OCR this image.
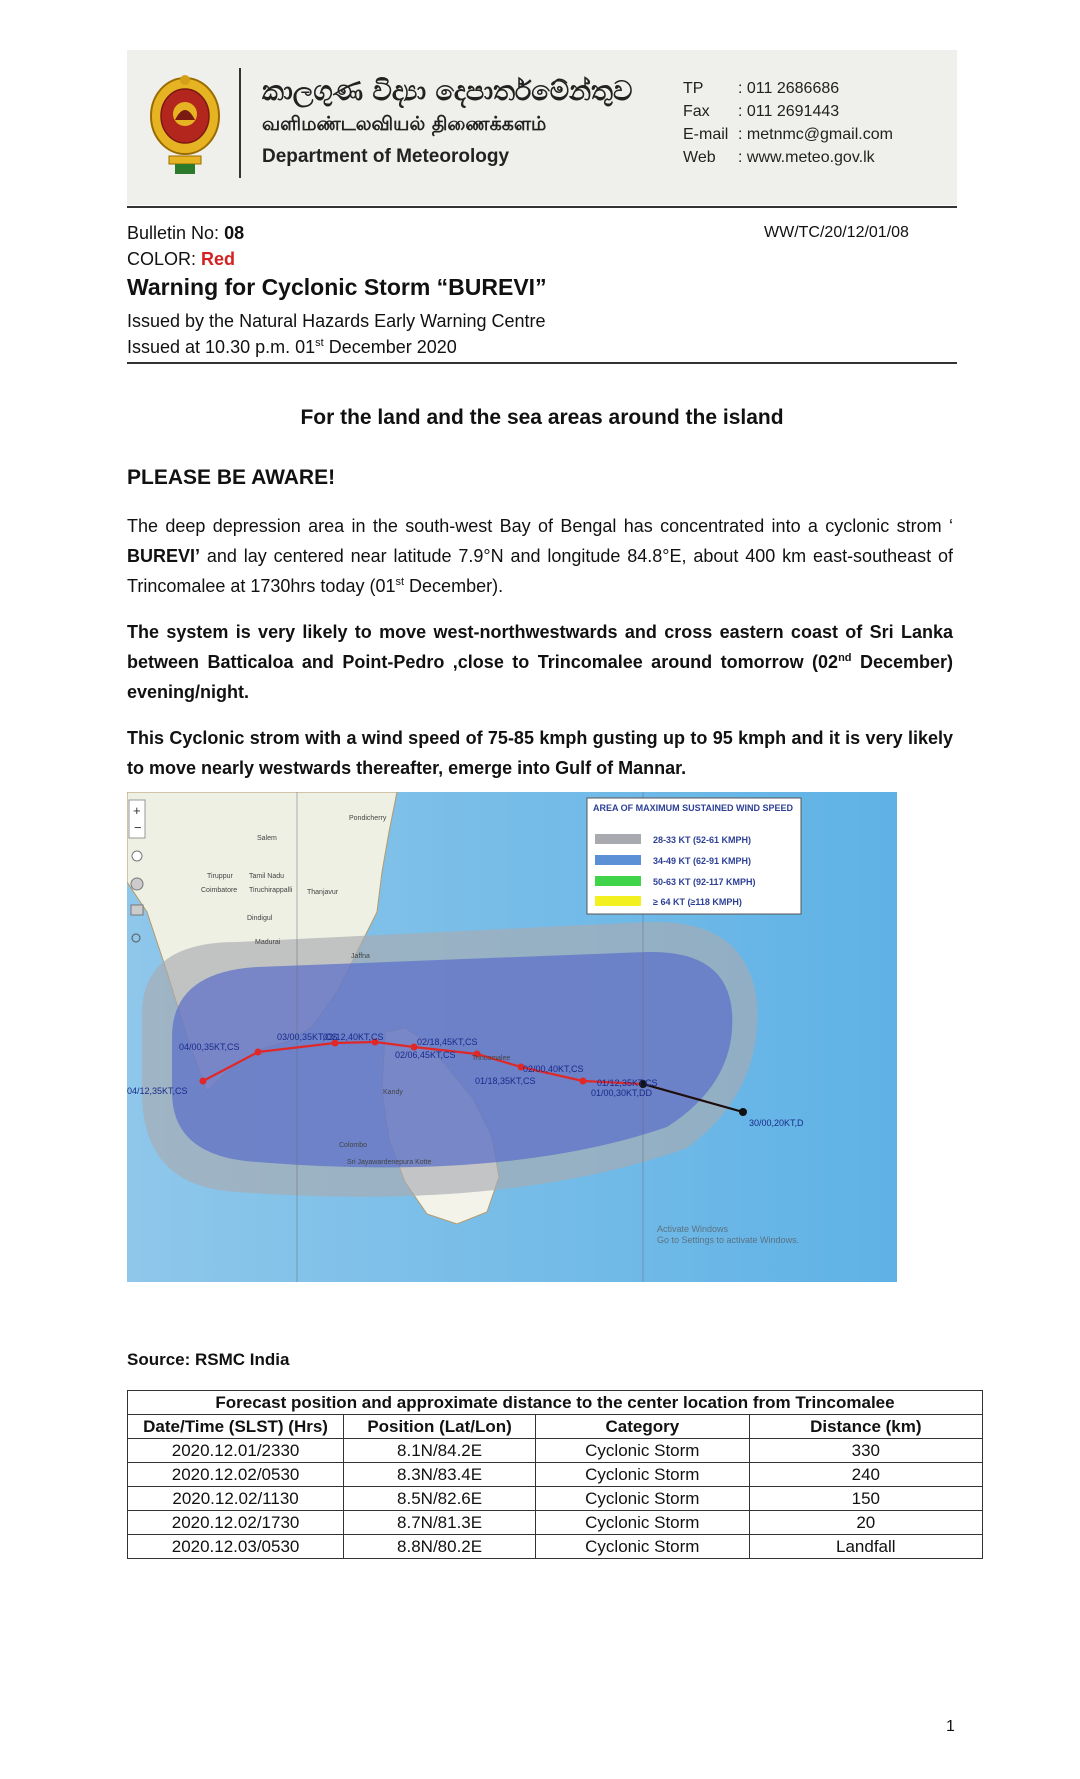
කාලගුණ විද්‍යා දෙපාර්තමේන්තුව
வளிமண்டலவியல் திணைக்களம்
Department of Meteorology
TP : 011 2686686
Fax : 011 2691443
E-mail : metnmc@gmail.com
Web : www.meteo.gov.lk
Bulletin No: 08
COLOR: Red
WW/TC/20/12/01/08
Warning for Cyclonic Storm “BUREVI”
Issued by the Natural Hazards Early Warning Centre
Issued at 10.30 p.m. 01st December 2020
For the land and the sea areas around the island
PLEASE BE AWARE!
The deep depression area in the south-west Bay of Bengal has concentrated into a cyclonic strom ‘ BUREVI’ and lay centered near latitude 7.9°N and longitude 84.8°E, about 400 km east-southeast of Trincomalee at 1730hrs today (01st December).
The system is very likely to move west-northwestwards and cross eastern coast of Sri Lanka between Batticaloa and Point-Pedro ,close to Trincomalee around tomorrow (02nd December) evening/night.
This Cyclonic strom with a wind speed of 75-85 kmph gusting up to 95 kmph and it is very likely to move nearly westwards thereafter, emerge into Gulf of Mannar.
04/12,35KT,CS
04/00,35KT,CS
03/00,35KT,CS
03/12,40KT,CS	02/18,45KT,CS
02/06,45KT,CS
02/00,40KT,CS
01/18,35KT,CS
01/00,30KT,DD
01/12,35KT,CS
30/00,20KT,D
Pondicherry
Salem
Coimbatore
Tiruppur Tamil Nadu
Tiruchirappalli Thanjavur
Dindigul
Madurai
Jaffna
Trincomalee
Kandy
Colombo
Sri Jayawardenepura Kotte
+
−
AREA OF MAXIMUM SUSTAINED WIND SPEED
28-33 KT (52-61 KMPH)
34-49 KT (62-91 KMPH)
50-63 KT (92-117 KMPH)
≥ 64 KT (≥118 KMPH)
Activate Windows
Go to Settings to activate Windows.
Source: RSMC India
Forecast position and approximate distance to the center location from Trincomalee			
Date/Time (SLST) (Hrs)	Position (Lat/Lon)	Category	Distance (km)
2020.12.01/2330	8.1N/84.2E	Cyclonic Storm	330
2020.12.02/0530	8.3N/83.4E	Cyclonic Storm	240
2020.12.02/1130	8.5N/82.6E	Cyclonic Storm	150
2020.12.02/1730	8.7N/81.3E	Cyclonic Storm	20
2020.12.03/0530	8.8N/80.2E	Cyclonic Storm	Landfall
1
